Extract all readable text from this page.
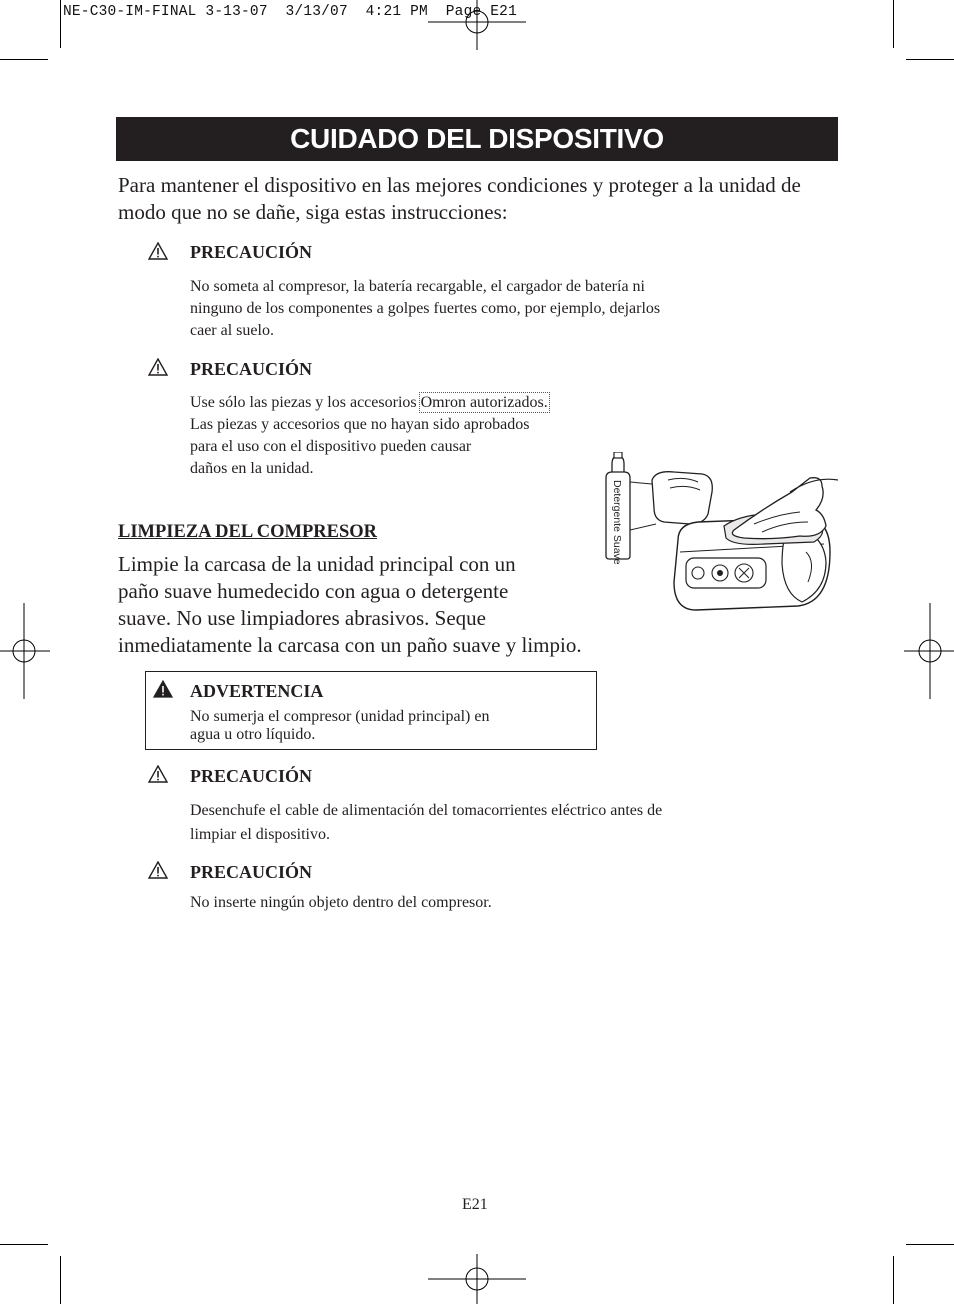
NE-C30-IM-FINAL 3-13-07  3/13/07  4:21 PM  Page E21
CUIDADO DEL DISPOSITIVO
Para mantener el dispositivo en las mejores condiciones y proteger a la unidad de modo que no se dañe, siga estas instrucciones:
PRECAUCIÓN
No someta al compresor, la batería recargable, el cargador de batería ni
ninguno de los componentes a golpes fuertes como, por ejemplo, dejarlos
caer al suelo.
PRECAUCIÓN
Use sólo las piezas y los accesorios Omron autorizados.
Las piezas y accesorios que no hayan sido aprobados
para el uso con el dispositivo pueden causar
daños en la unidad.
Detergente Suave
LIMPIEZA DEL COMPRESOR
Limpie la carcasa de la unidad principal con un
paño suave humedecido con agua o detergente
suave. No use limpiadores abrasivos. Seque
inmediatamente la carcasa con un paño suave y limpio.
ADVERTENCIA
No sumerja el compresor (unidad principal) en
agua u otro líquido.
PRECAUCIÓN
Desenchufe el cable de alimentación del tomacorrientes eléctrico antes de
limpiar el dispositivo.
PRECAUCIÓN
No inserte ningún objeto dentro del compresor.
E21
